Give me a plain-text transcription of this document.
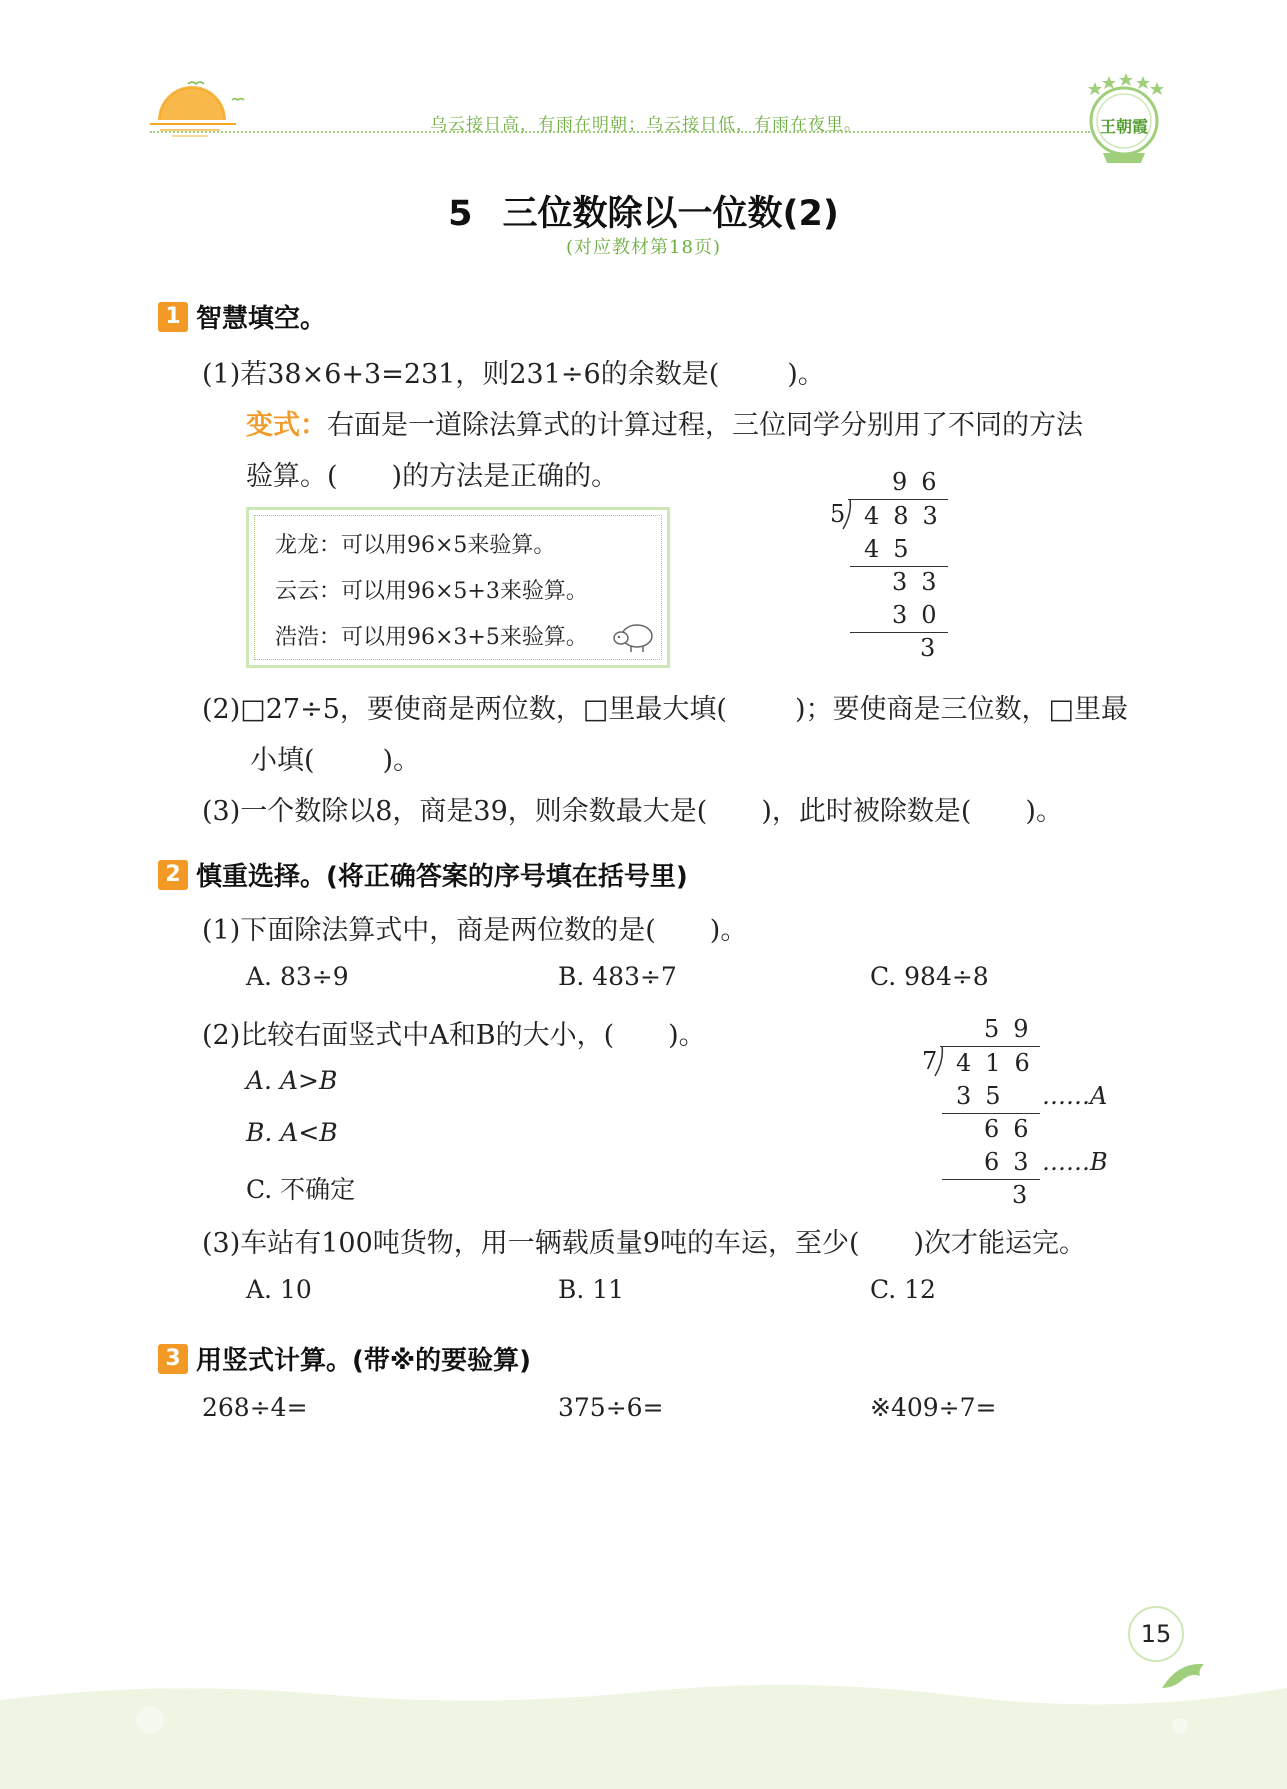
乌云接日高，有雨在明朝；乌云接日低，有雨在夜里。	王朝霞
5 三位数除以一位数(2)
(对应教材第18页)
1 智慧填空。
(1)若38×6+3=231，则231÷6的余数是(	)。
变式：右面是一道除法算式的计算过程，三位同学分别用了不同的方法
验算。( )的方法是正确的。
龙龙：可以用96×5来验算。
云云：可以用96×5+3来验算。
浩浩：可以用96×3+5来验算。
96
5 483
45
33
30
3
(2)□27÷5，要使商是两位数，□里最大填(	)；要使商是三位数，□里最
小填(	)。
(3)一个数除以8，商是39，则余数最大是( )，此时被除数是( )。
2 慎重选择。(将正确答案的序号填在括号里)
(1)下面除法算式中，商是两位数的是( )。
A. 83÷9	B. 483÷7	C. 984÷8
(2)比较右面竖式中A和B的大小，( )。
A. A>B
B. A<B
C. 不确定
59
7 416
35 ……A
66
63 ……B
3
(3)车站有100吨货物，用一辆载质量9吨的车运，至少( )次才能运完。
A. 10	B. 11	C. 12
3 用竖式计算。(带※的要验算)
268÷4=	375÷6=	※409÷7=
15
